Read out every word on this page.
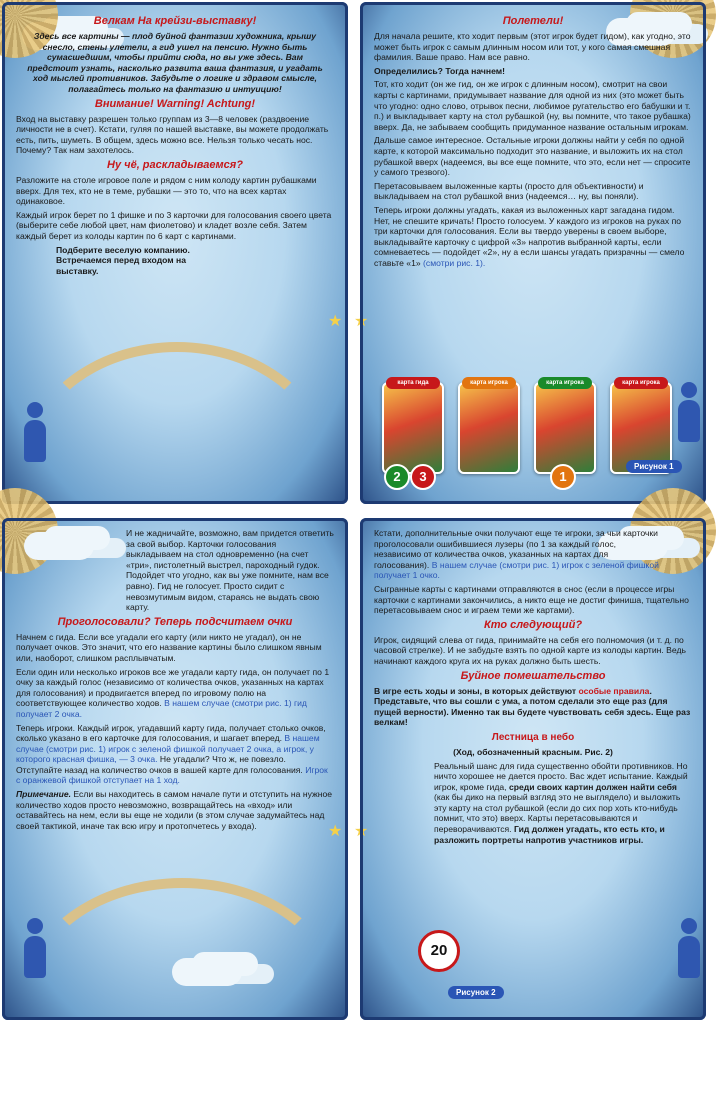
★
Велкам На крейзи-выставку!

Здесь все картины — плод буйной фантазии художника, крышу снесло, стены улетели, а гид ушел на пенсию. Нужно быть сумасшедшим, чтобы прийти сюда, но вы уже здесь. Вам предстоит узнать, насколько развита ваша фантазия, и угадать ход мыслей противников. Забудьте о логике и здравом смысле, полагайтесь только на фантазию и интуицию!

Внимание! Warning! Achtung!

Вход на выставку разрешен только группам из 3—8 человек (раздвоение личности не в счет). Кстати, гуляя по нашей выставке, вы можете продолжать есть, пить, шуметь. В общем, здесь можно все. Нельзя только чесать нос. Почему? Так нам захотелось.

Ну чё, раскладываемся?

Разложите на столе игровое поле и рядом с ним колоду картин рубашками вверх. Для тех, кто не в теме, рубашки — это то, что на всех картах одинаковое.

Каждый игрок берет по 1 фишке и по 3 карточки для голосования своего цвета (выберите себе любой цвет, нам фиолетово) и кладет возле себя. Затем каждый берет из колоды картин по 6 карт с картинами.

Подберите веселую компанию. Встречаемся перед входом на выставку.

★
Полетели!

Для начала решите, кто ходит первым (этот игрок будет гидом), как угодно, это может быть игрок с самым длинным носом или тот, у кого самая смешная фамилия. Ваше право. Нам все равно.

Определились? Тогда начнем!

Тот, кто ходит (он же гид, он же игрок с длинным носом), смотрит на свои карты с картинами, придумывает название для одной из них (это может быть что угодно: одно слово, отрывок песни, любимое ругательство его бабушки и т. п.) и выкладывает карту на стол рубашкой (ну, вы помните, что такое рубашка) вверх. Да, не забываем сообщить придуманное название остальным игрокам.

Дальше самое интересное. Остальные игроки должны найти у себя по одной карте, к которой максимально подходит это название, и выложить их на стол рубашкой вверх (надеемся, вы все еще помните, что это, если нет — спросите у самого трезвого).

Перетасовываем выложенные карты (просто для объективности) и выкладываем на стол рубашкой вниз (надеемся… ну, вы поняли).

Теперь игроки должны угадать, какая из выложенных карт загадана гидом. Нет, не спешите кричать! Просто голосуем. У каждого из игроков на руках по три карточки для голосования. Если вы твердо уверены в своем выборе, выкладывайте карточку с цифрой «3» напротив выбранной карты, если сомневаетесь — подойдет «2», ну а если шансы угадать призрачны — смело ставьте «1» (смотри рис. 1).

карта гида	карта игрока	карта игрока	карта игрока
2	3	1
Рисунок 1
★

И не жадничайте, возможно, вам придется ответить за свой выбор. Карточки голосования выкладываем на стол одновременно (на счет «три», пистолетный выстрел, пароходный гудок. Подойдет что угодно, как вы уже помните, нам все равно). Гид не голосует. Просто сидит с невозмутимым видом, стараясь не выдать свою карту.

Проголосовали? Теперь подсчитаем очки

Начнем с гида. Если все угадали его карту (или никто не угадал), он не получает очков. Это значит, что его название картины было слишком явным или, наоборот, слишком расплывчатым.

Если один или несколько игроков все же угадали карту гида, он получает по 1 очку за каждый голос (независимо от количества очков, указанных на картах для голосования) и продвигается вперед по игровому полю на соответствующее количество ходов. В нашем случае (смотри рис. 1) гид получает 2 очка.

Теперь игроки. Каждый игрок, угадавший карту гида, получает столько очков, сколько указано в его карточке для голосования, и шагает вперед. В нашем случае (смотри рис. 1) игрок с зеленой фишкой получает 2 очка, а игрок, у которого красная фишка, — 3 очка. Не угадали? Что ж, не повезло. Отступайте назад на количество очков в вашей карте для голосования. Игрок с оранжевой фишкой отступает на 1 ход.

Примечание. Если вы находитесь в самом начале пути и отступить на нужное количество ходов просто невозможно, возвращайтесь на «вход» или оставайтесь на нем, если вы еще не ходили (в этом случае задумайтесь над своей тактикой, иначе так всю игру и протопчетесь у входа).	★

Кстати, дополнительные очки получают еще те игроки, за чьи карточки проголосовали ошибившиеся лузеры (по 1 за каждый голос, независимо от количества очков, указанных на картах для голосования). В нашем случае (смотри рис. 1) игрок с зеленой фишкой получает 1 очко.

Сыгранные карты с картинами отправляются в снос (если в процессе игры карточки с картинами закончились, а никто еще не достиг финиша, тщательно перетасовываем снос и играем теми же картами).

Кто следующий?

Игрок, сидящий слева от гида, принимайте на себя его полномочия (и т. д. по часовой стрелке). И не забудьте взять по одной карте из колоды картин. Ведь начинают каждого круга их на руках должно быть шесть.

Буйное помешательство

В игре есть ходы и зоны, в которых действуют особые правила. Представьте, что вы сошли с ума, а потом сделали это еще раз (для пущей верности). Именно так вы будете чувствовать себя здесь. Еще раз велкам!

Лестница в небо

(Ход, обозначенный красным. Рис. 2)

Реальный шанс для гида существенно обойти противников. Но ничто хорошее не дается просто. Вас ждет испытание. Каждый игрок, кроме гида, среди своих картин должен найти себя (как бы дико на первый взгляд это не выглядело) и выложить эту карту на стол рубашкой (если до сих пор хоть кто-нибудь помнит, что это) вверх. Карты перетасовываются и переворачиваются. Гид должен угадать, кто есть кто, и разложить портреты напротив участников игры.

20
Рисунок 2
